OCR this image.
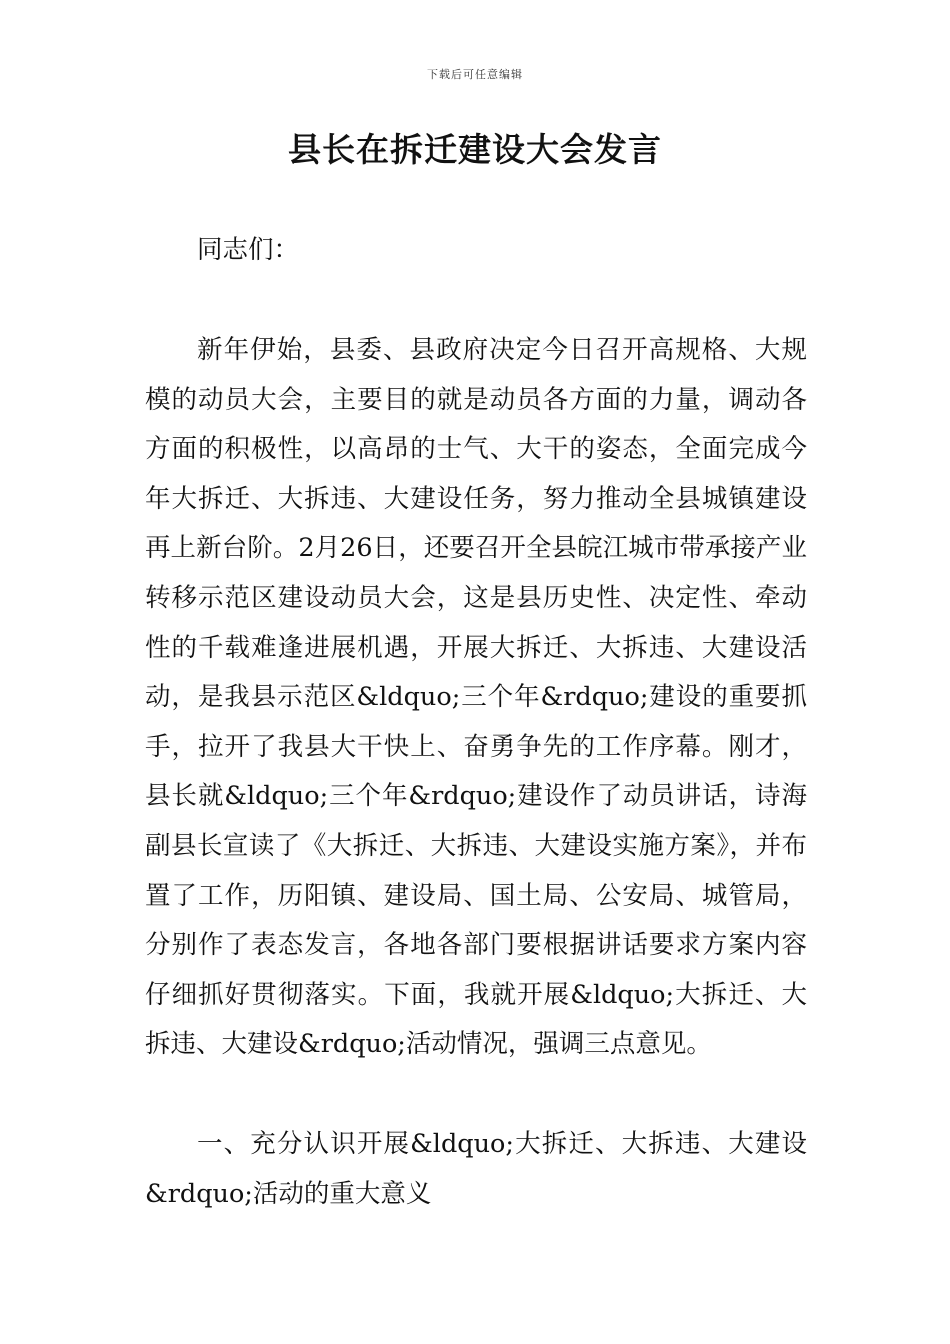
下载后可任意编辑
县长在拆迁建设大会发言

同志们：

新年伊始，县委、县政府决定今日召开高规格、大规模的动员大会，主要目的就是动员各方面的力量，调动各方面的积极性，以高昂的士气、大干的姿态，全面完成今年大拆迁、大拆违、大建设任务，努力推动全县城镇建设再上新台阶。2月26日，还要召开全县皖江城市带承接产业转移示范区建设动员大会，这是县历史性、决定性、牵动性的千载难逢进展机遇，开展大拆迁、大拆违、大建设活动，是我县示范区&ldquo;三个年&rdquo;建设的重要抓手，拉开了我县大干快上、奋勇争先的工作序幕。刚才，县长就&ldquo;三个年&rdquo;建设作了动员讲话，诗海副县长宣读了《大拆迁、大拆违、大建设实施方案》，并布置了工作，历阳镇、建设局、国土局、公安局、城管局，分别作了表态发言，各地各部门要根据讲话要求方案内容仔细抓好贯彻落实。下面，我就开展&ldquo;大拆迁、大拆违、大建设&rdquo;活动情况，强调三点意见。

一、充分认识开展&ldquo;大拆迁、大拆违、大建设&rdquo;活动的重大意义
